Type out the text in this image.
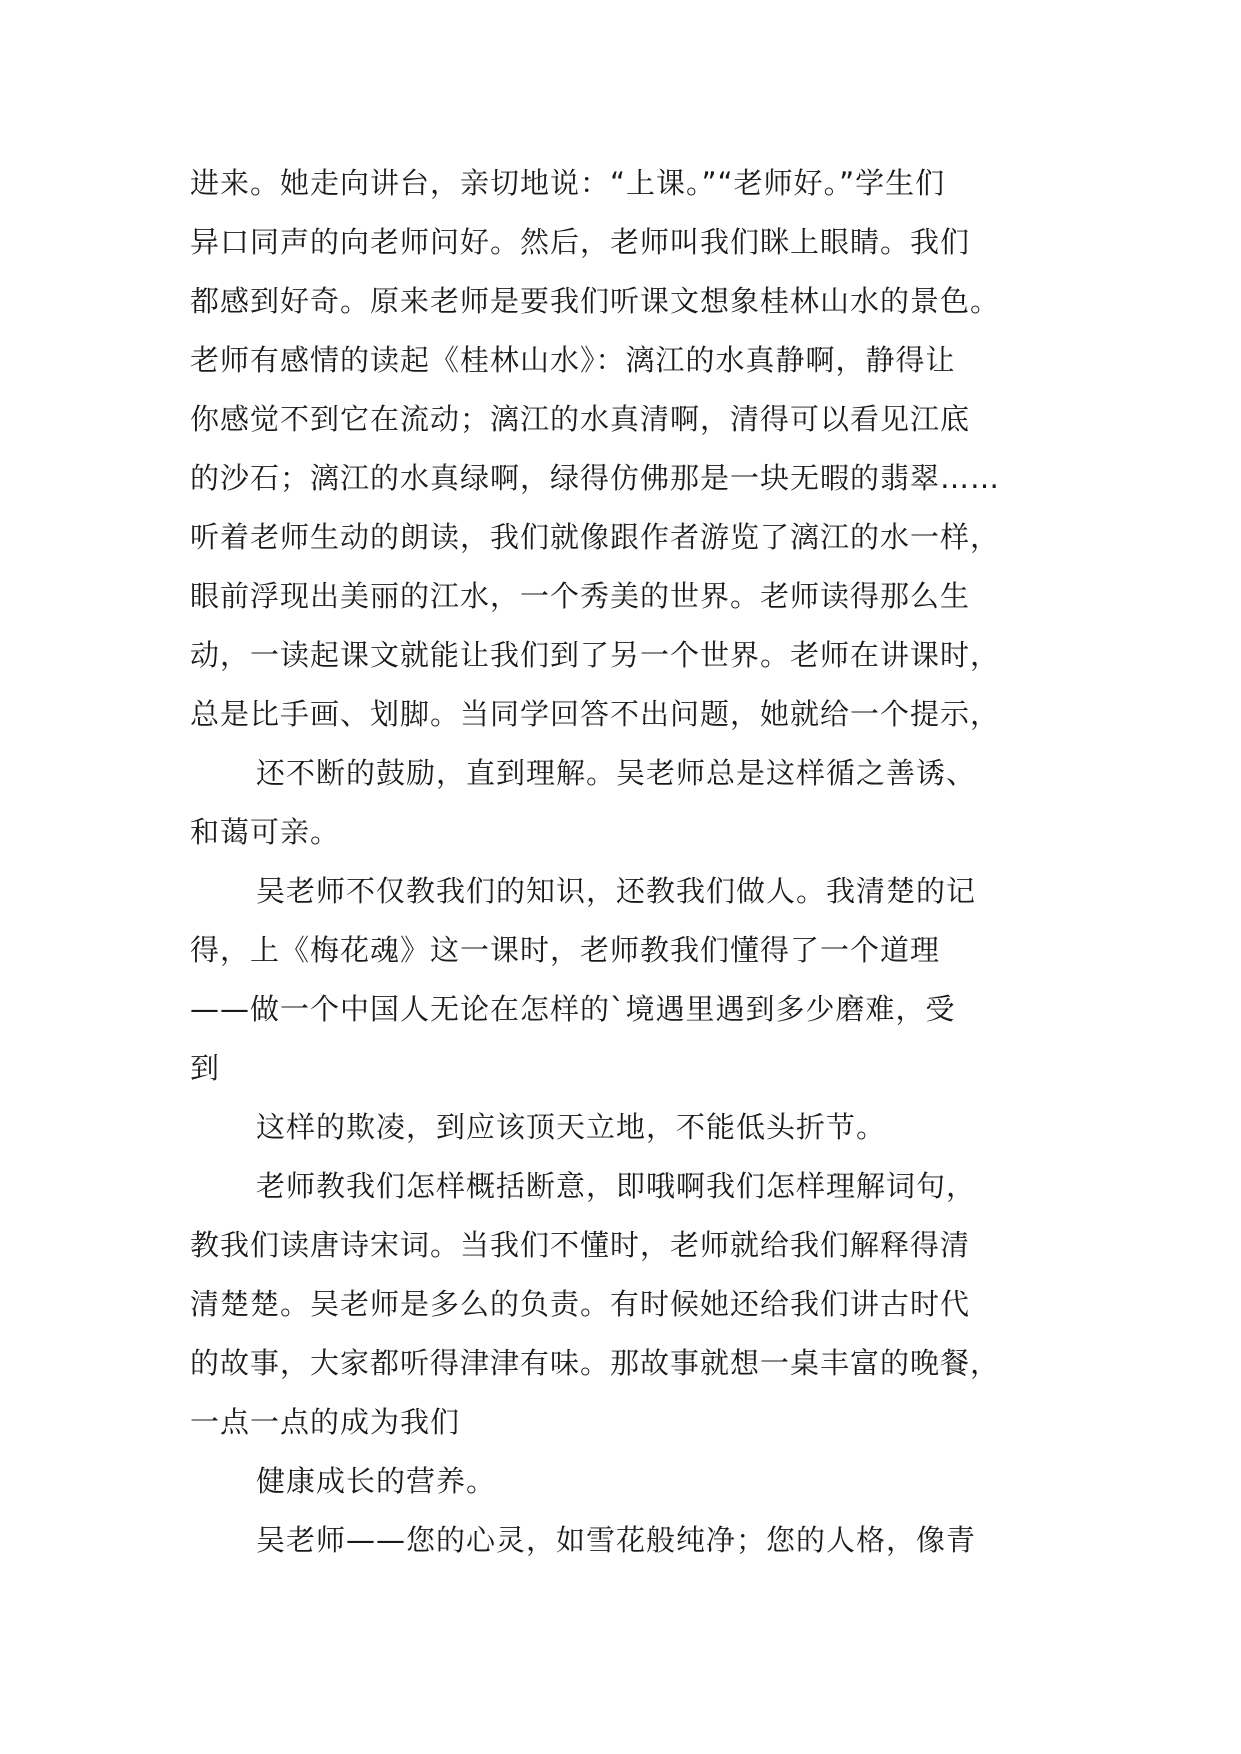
进来。她走向讲台，亲切地说：“上课。”“老师好。”学生们
异口同声的向老师问好。然后，老师叫我们眯上眼睛。我们
都感到好奇。原来老师是要我们听课文想象桂林山水的景色。
老师有感情的读起《桂林山水》：漓江的水真静啊，静得让
你感觉不到它在流动；漓江的水真清啊，清得可以看见江底
的沙石；漓江的水真绿啊，绿得仿佛那是一块无暇的翡翠……
听着老师生动的朗读，我们就像跟作者游览了漓江的水一样，
眼前浮现出美丽的江水，一个秀美的世界。老师读得那么生
动，一读起课文就能让我们到了另一个世界。老师在讲课时，
总是比手画、划脚。当同学回答不出问题，她就给一个提示，
还不断的鼓励，直到理解。吴老师总是这样循之善诱、
和蔼可亲。
吴老师不仅教我们的知识，还教我们做人。我清楚的记
得，上《梅花魂》这一课时，老师教我们懂得了一个道理
——做一个中国人无论在怎样的`境遇里遇到多少磨难，受
到
这样的欺凌，到应该顶天立地，不能低头折节。
老师教我们怎样概括断意，即哦啊我们怎样理解词句，
教我们读唐诗宋词。当我们不懂时，老师就给我们解释得清
清楚楚。吴老师是多么的负责。有时候她还给我们讲古时代
的故事，大家都听得津津有味。那故事就想一桌丰富的晚餐，
一点一点的成为我们
健康成长的营养。
吴老师——您的心灵，如雪花般纯净；您的人格，像青
